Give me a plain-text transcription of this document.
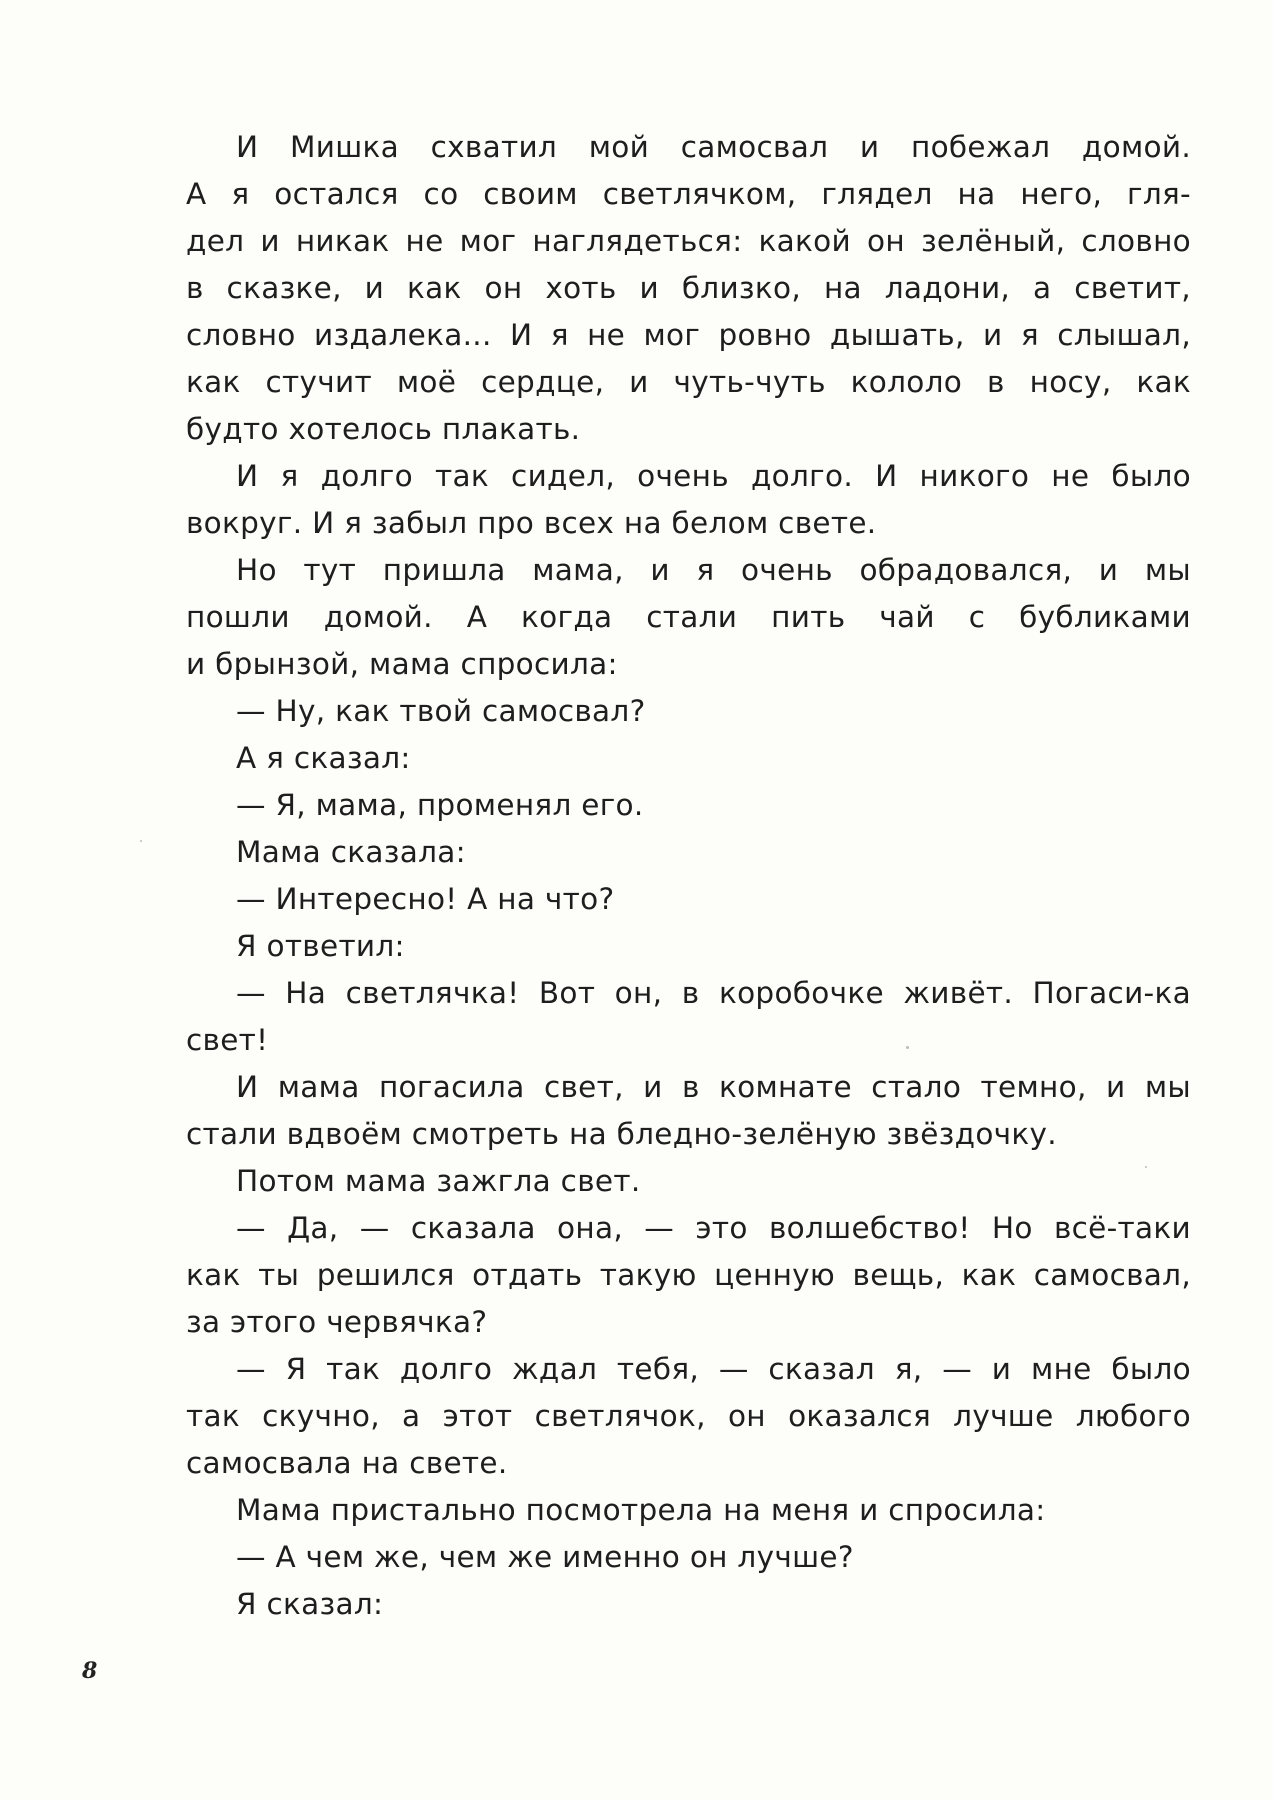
И Мишка схватил мой самосвал и побежал домой.
А я остался со своим светлячком, глядел на него, гля-
дел и никак не мог наглядеться: какой он зелёный, словно
в сказке, и как он хоть и близко, на ладони, а светит,
словно издалека... И я не мог ровно дышать, и я слышал,
как стучит моё сердце, и чуть-чуть кололо в носу, как
будто хотелось плакать.
И я долго так сидел, очень долго. И никого не было
вокруг. И я забыл про всех на белом свете.
Но тут пришла мама, и я очень обрадовался, и мы
пошли домой. А когда стали пить чай с бубликами
и брынзой, мама спросила:
— Ну, как твой самосвал?
А я сказал:
— Я, мама, променял его.
Мама сказала:
— Интересно! А на что?
Я ответил:
— На светлячка! Вот он, в коробочке живёт. Погаси-ка
свет!
И мама погасила свет, и в комнате стало темно, и мы
стали вдвоём смотреть на бледно-зелёную звёздочку.
Потом мама зажгла свет.
— Да, — сказала она, — это волшебство! Но всё-таки
как ты решился отдать такую ценную вещь, как самосвал,
за этого червячка?
— Я так долго ждал тебя, — сказал я, — и мне было
так скучно, а этот светлячок, он оказался лучше любого
самосвала на свете.
Мама пристально посмотрела на меня и спросила:
— А чем же, чем же именно он лучше?
Я сказал:
8
